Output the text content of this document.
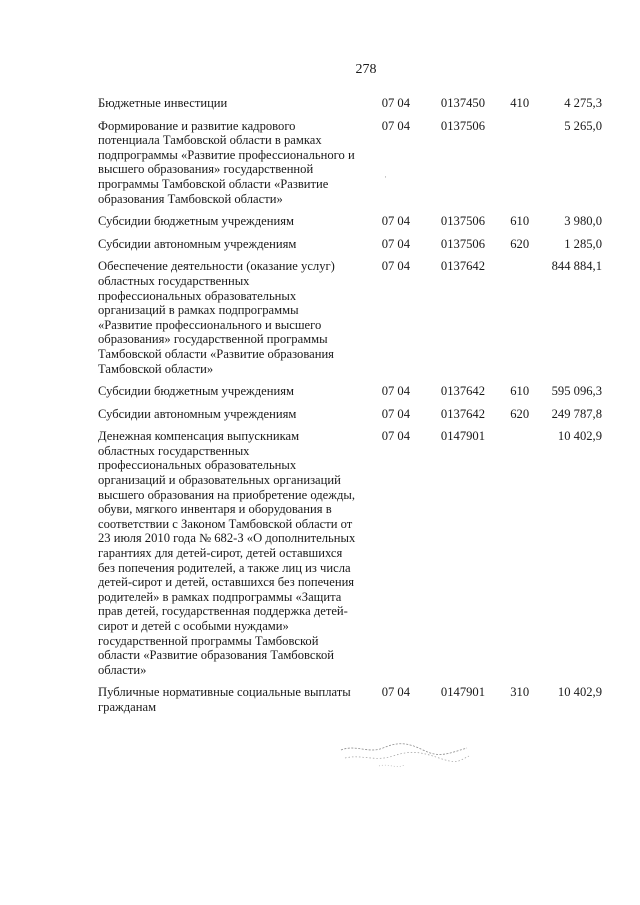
278
·
Бюджетные инвестиции	07 04	0137450	410	4 275,3
Формирование и развитие кадрового потенциала Тамбовской области в рамках подпрограммы «Развитие профессионального и высшего образования» государственной программы Тамбовской области «Развитие образования Тамбовской области»	07 04	0137506		5 265,0
Субсидии бюджетным учреждениям	07 04	0137506	610	3 980,0
Субсидии автономным учреждениям	07 04	0137506	620	1 285,0
Обеспечение деятельности (оказание услуг) областных государственных профессиональных образовательных организаций в рамках подпрограммы «Развитие профессионального и высшего образования» государственной программы Тамбовской области «Развитие образования Тамбовской области»	07 04	0137642		844 884,1
Субсидии бюджетным учреждениям	07 04	0137642	610	595 096,3
Субсидии автономным учреждениям	07 04	0137642	620	249 787,8
Денежная компенсация выпускникам областных государственных профессиональных образовательных организаций и образовательных организаций высшего образования на приобретение одежды, обуви, мягкого инвентаря и оборудования в соответствии с Законом Тамбовской области от 23 июля 2010 года № 682-З «О дополнительных гарантиях для детей-сирот, детей оставшихся без попечения родителей, а также лиц из числа детей-сирот и детей, оставшихся без попечения родителей» в рамках подпрограммы «Защита прав детей, государственная поддержка детей-сирот и детей с особыми нуждами» государственной программы Тамбовской области «Развитие образования Тамбовской области»	07 04	0147901		10 402,9
Публичные нормативные социальные выплаты гражданам	07 04	0147901	310	10 402,9
